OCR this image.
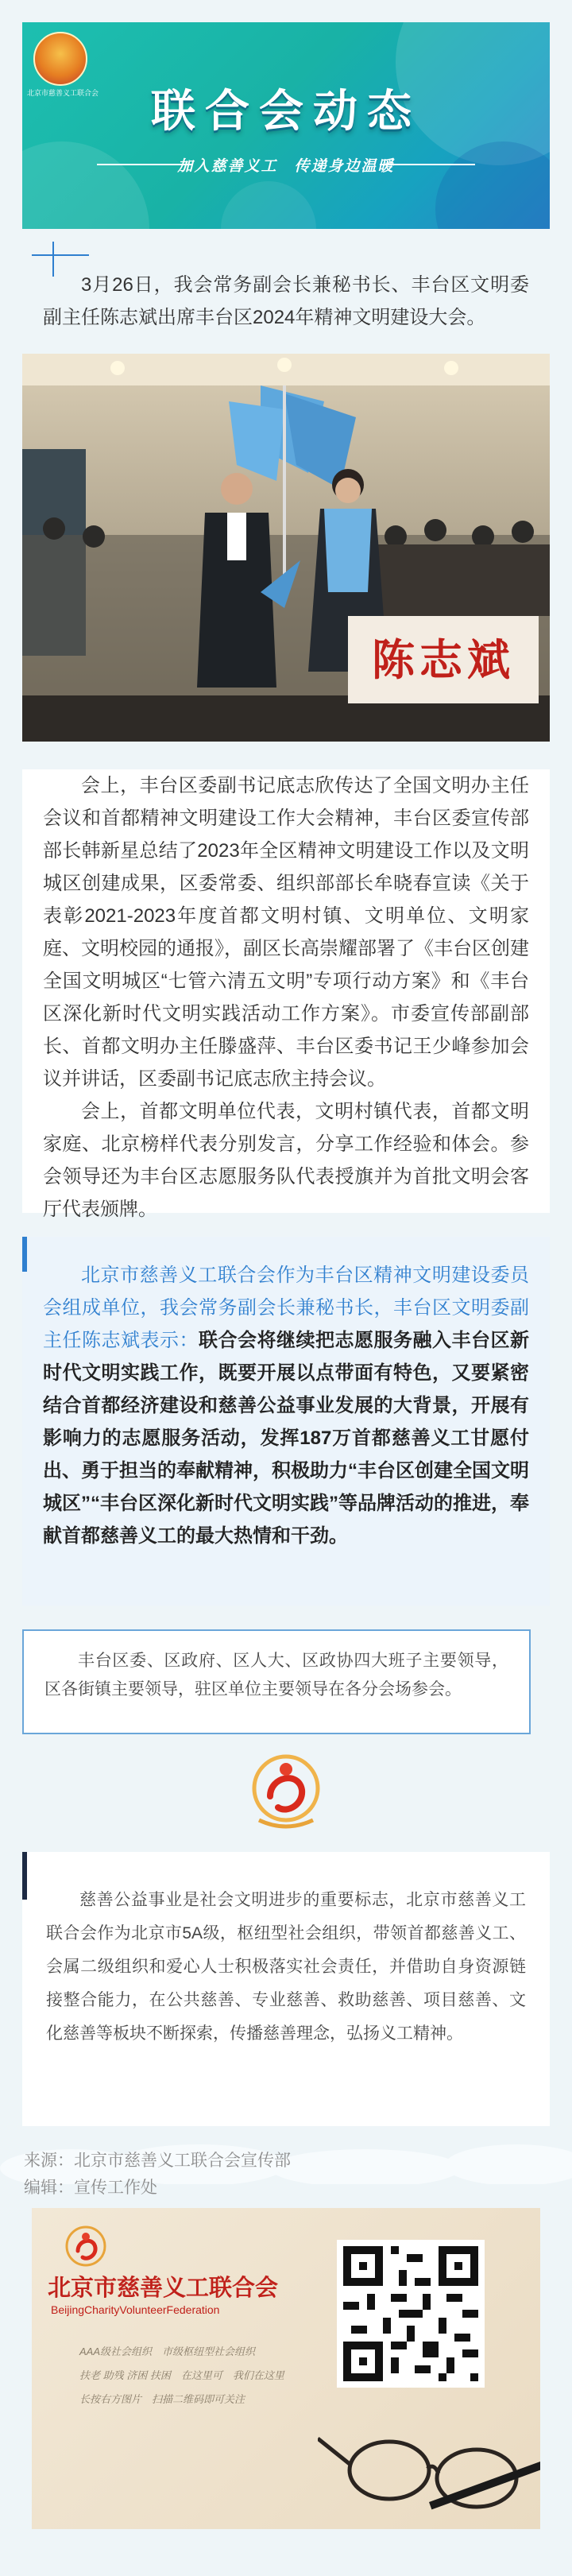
北京市慈善义工联合会	联合会动态
加入慈善义工　传递身边温暖

3月26日，我会常务副会长兼秘书长、丰台区文明委副主任陈志斌出席丰台区2024年精神文明建设大会。

陈志斌

会上，丰台区委副书记底志欣传达了全国文明办主任会议和首都精神文明建设工作大会精神，丰台区委宣传部部长韩新星总结了2023年全区精神文明建设工作以及文明城区创建成果，区委常委、组织部部长牟晓春宣读《关于表彰2021-2023年度首都文明村镇、文明单位、文明家庭、文明校园的通报》，副区长高崇耀部署了《丰台区创建全国文明城区“七管六清五文明”专项行动方案》和《丰台区深化新时代文明实践活动工作方案》。市委宣传部副部长、首都文明办主任滕盛萍、丰台区委书记王少峰参加会议并讲话，区委副书记底志欣主持会议。

会上，首都文明单位代表，文明村镇代表，首都文明家庭、北京榜样代表分别发言，分享工作经验和体会。参会领导还为丰台区志愿服务队代表授旗并为首批文明会客厅代表颁牌。

北京市慈善义工联合会作为丰台区精神文明建设委员会组成单位，我会常务副会长兼秘书长，丰台区文明委副主任陈志斌表示：联合会将继续把志愿服务融入丰台区新时代文明实践工作，既要开展以点带面有特色，又要紧密结合首都经济建设和慈善公益事业发展的大背景，开展有影响力的志愿服务活动，发挥187万首都慈善义工甘愿付出、勇于担当的奉献精神，积极助力“丰台区创建全国文明城区”“丰台区深化新时代文明实践”等品牌活动的推进，奉献首都慈善义工的最大热情和干劲。

丰台区委、区政府、区人大、区政协四大班子主要领导，区各街镇主要领导，驻区单位主要领导在各分会场参会。

慈善公益事业是社会文明进步的重要标志，北京市慈善义工联合会作为北京市5A级，枢纽型社会组织，带领首都慈善义工、会属二级组织和爱心人士积极落实社会责任，并借助自身资源链接整合能力，在公共慈善、专业慈善、救助慈善、项目慈善、文化慈善等板块不断探索，传播慈善理念，弘扬义工精神。

来源：北京市慈善义工联合会宣传部
编辑：宣传工作处
北京市慈善义工联合会
BeijingCharityVolunteerFederation
AAA级社会组织　市级枢纽型社会组织
扶老 助残 济困 扶困　在这里可　我们在这里
长按右方图片　扫描二维码即可关注
